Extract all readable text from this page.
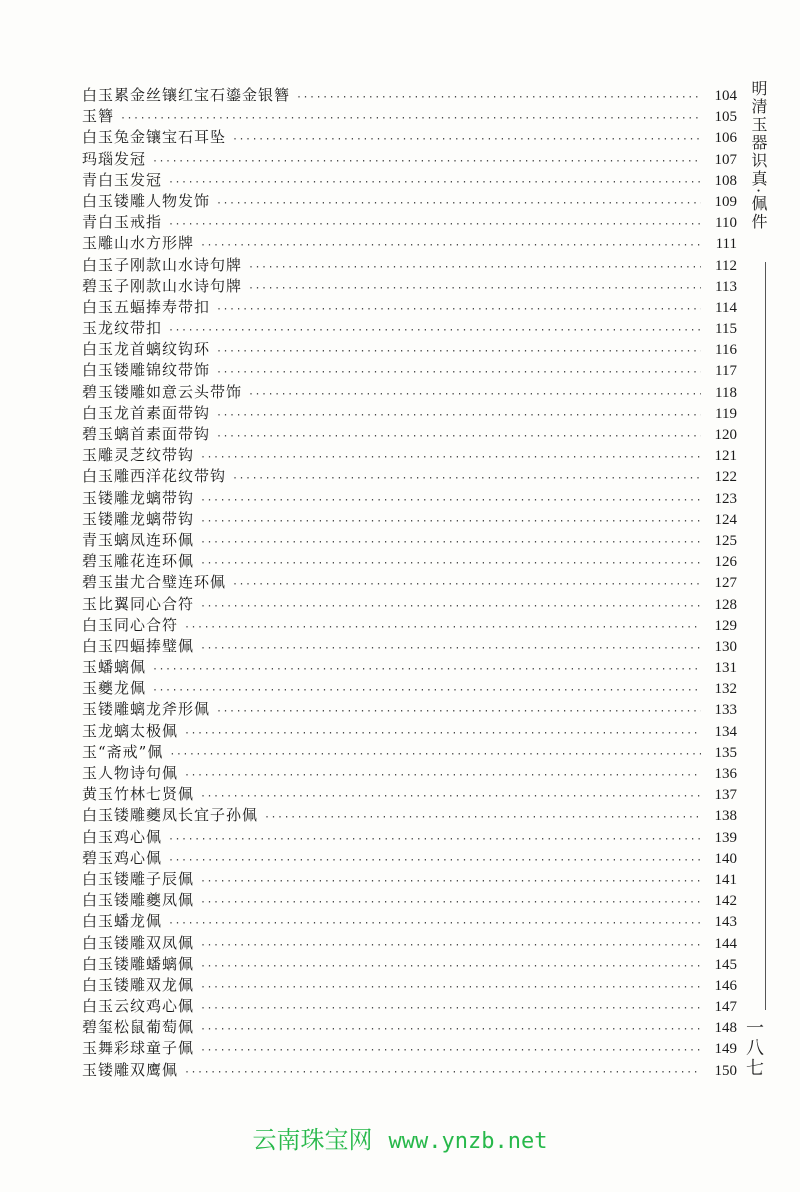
白玉累金丝镶红宝石鎏金银簪 ·····	104
玉簪 ·····	105
白玉兔金镶宝石耳坠 ·····	106
玛瑙发冠 ·····	107
青白玉发冠 ·····	108
白玉镂雕人物发饰 ·····	109
青白玉戒指 ·····	110
玉雕山水方形牌 ·····	111
白玉子刚款山水诗句牌 ·····	112
碧玉子刚款山水诗句牌 ·····	113
白玉五蝠捧寿带扣 ·····	114
玉龙纹带扣 ·····	115
白玉龙首螭纹钩环 ·····	116
白玉镂雕锦纹带饰 ·····	117
碧玉镂雕如意云头带饰 ·····	118
白玉龙首素面带钩 ·····	119
碧玉螭首素面带钩 ·····	120
玉雕灵芝纹带钩 ·····	121
白玉雕西洋花纹带钩 ·····	122
玉镂雕龙螭带钩 ·····	123
玉镂雕龙螭带钩 ·····	124
青玉螭凤连环佩 ·····	125
碧玉雕花连环佩 ·····	126
碧玉蚩尤合璧连环佩 ·····	127
玉比翼同心合符 ·····	128
白玉同心合符 ·····	129
白玉四蝠捧璧佩 ·····	130
玉蟠螭佩 ·····	131
玉夔龙佩 ·····	132
玉镂雕螭龙斧形佩 ·····	133
玉龙螭太极佩 ·····	134
玉“斋戒”佩 ·····	135
玉人物诗句佩 ·····	136
黄玉竹林七贤佩 ·····	137
白玉镂雕夔凤长宜子孙佩 ·····	138
白玉鸡心佩 ·····	139
碧玉鸡心佩 ·····	140
白玉镂雕子辰佩 ·····	141
白玉镂雕夔凤佩 ·····	142
白玉蟠龙佩 ·····	143
白玉镂雕双凤佩 ·····	144
白玉镂雕蟠螭佩 ·····	145
白玉镂雕双龙佩 ·····	146
白玉云纹鸡心佩 ·····	147
碧玺松鼠葡萄佩 ·····	148
玉舞彩球童子佩 ·····	149
玉镂雕双鹰佩 ·····	150
明清玉器识真·佩件
一八七
云南珠宝网 www.ynzb.net
